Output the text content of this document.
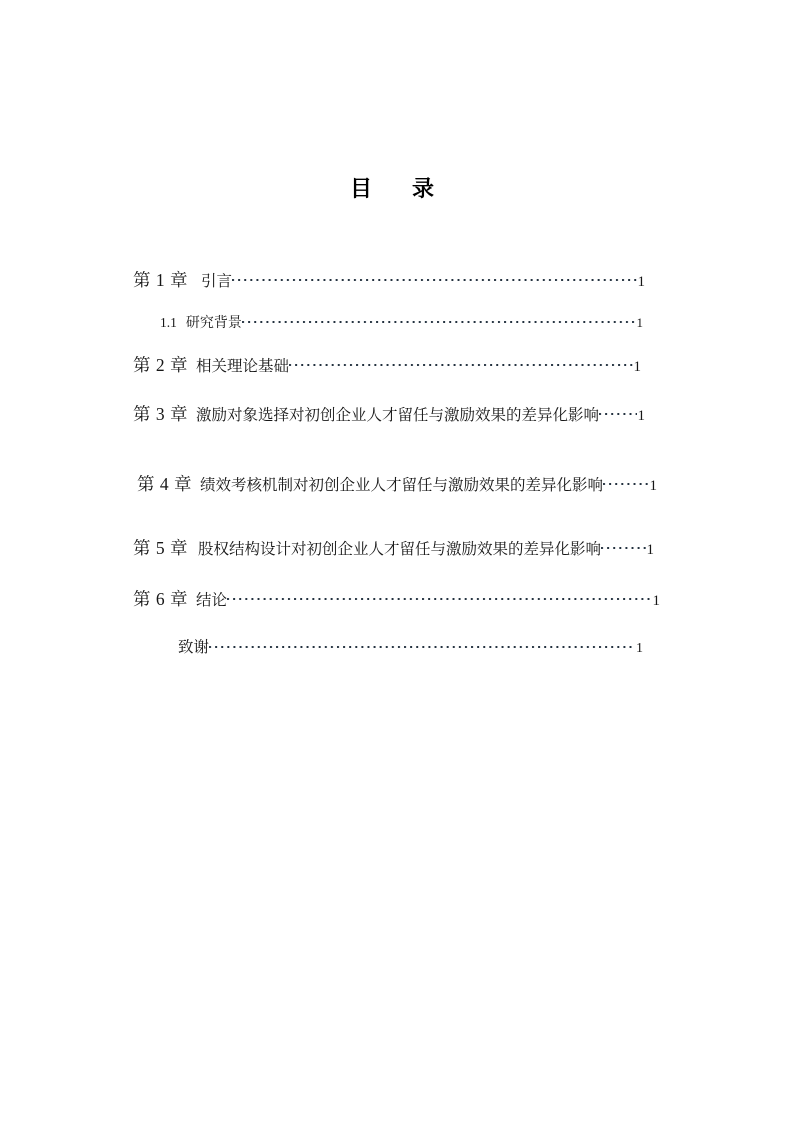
目　录
第 1 章 引言	1
1.1 研究背景	1
第 2 章 相关理论基础	1
第 3 章 激励对象选择对初创企业人才留任与激励效果的差异化影响	1
第 4 章 绩效考核机制对初创企业人才留任与激励效果的差异化影响	1
第 5 章 股权结构设计对初创企业人才留任与激励效果的差异化影响	1
第 6 章 结论	1
致谢	1
